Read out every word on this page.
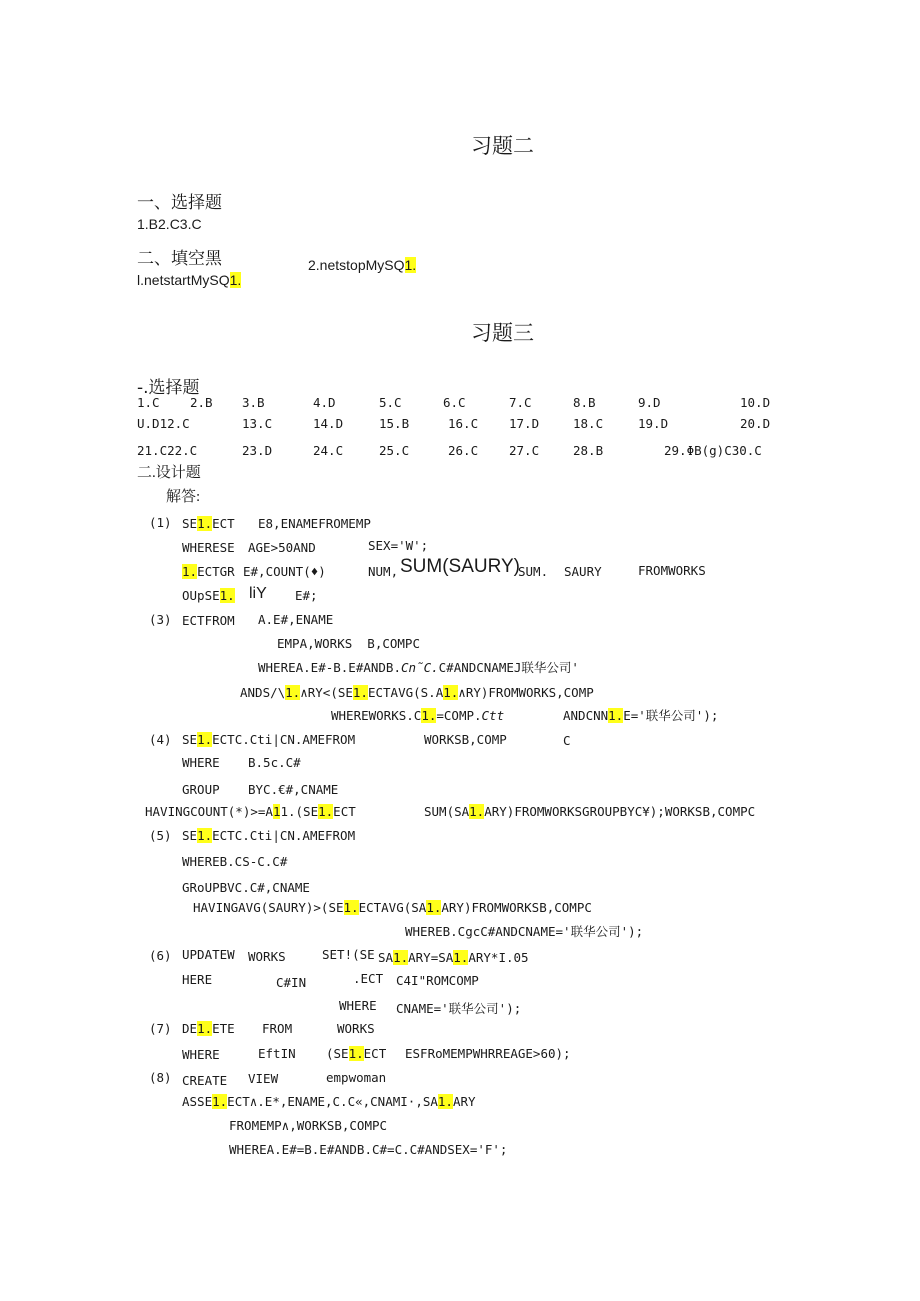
习题二
一、选择题
1.B2.C3.C
二、填空黑	2.netstopMySQ1.
l.netstartMySQ1.
习题三
-.选择题
1.C 2.B 3.B	4.D	5.C	6.C	7.C	8.B	9.D	10.D
U.D12.C	13.C	14.D	15.B	16.C 17.D	18.C	19.D	20.D
21.C22.C	23.D	24.C	25.C	26.C 27.C	28.B	29.ΦB(g)C30.C
二.设计题
解答:
(1) SE1.ECT E8,ENAMEFROMEMP
WHERESE AGE>50AND	SEX='W';
1.ECTGR E#,COUNT(♦)	NUM, SUM(SAURY)
SUM. SAURY	FROMWORKS
OUpSE1. liY E#;
(3) ECTFROM A.E#,ENAME
EMPA,WORKS  B,COMPC
WHEREA.E#-B.E#ANDB.Cn˜C.C#ANDCNAMEJ联华公司'
ANDS/\1.∧RY<(SE1.ECTAVG(S.A1.∧RY)FROMWORKS,COMP
WHEREWORKS.C1.=COMP.Ctt	ANDCNN1.E='联华公司');
(4) SE1.ECTC.Cti|CN.AMEFROM	WORKSB,COMP	C
WHERE B.5c.C#
GROUP BYC.€#,CNAME
HAVINGCOUNT(*)>=A11.(SE1.ECT	SUM(SA1.ARY)FROMWORKSGROUPBYC¥);WORKSB,COMPC
(5) SE1.ECTC.Cti|CN.AMEFROM
WHEREB.CS-C.C#
GRoUPBVC.C#,CNAME
HAVINGAVG(SAURY)>(SE1.ECTAVG(SA1.ARY)FROMWORKSB,COMPC
WHEREB.CgcC#ANDCNAME='联华公司');
(6) UPDATEW WORKS	SET!(SE SA1.ARY=SA1.ARY*I.05
HERE	C#IN	.ECT C4I"ROMCOMP
WHERE CNAME='联华公司');
(7) DE1.ETE FROM	WORKS
WHERE	EftIN (SE1.ECT ESFRoMEMPWHRREAGE>60);
(8) CREATE VIEW	empwoman
ASSE1.ECT∧.E*,ENAME,C.C«,CNAMI·,SA1.ARY
FROMEMP∧,WORKSB,COMPC
WHEREA.E#=B.E#ANDB.C#=C.C#ANDSEX='F';
